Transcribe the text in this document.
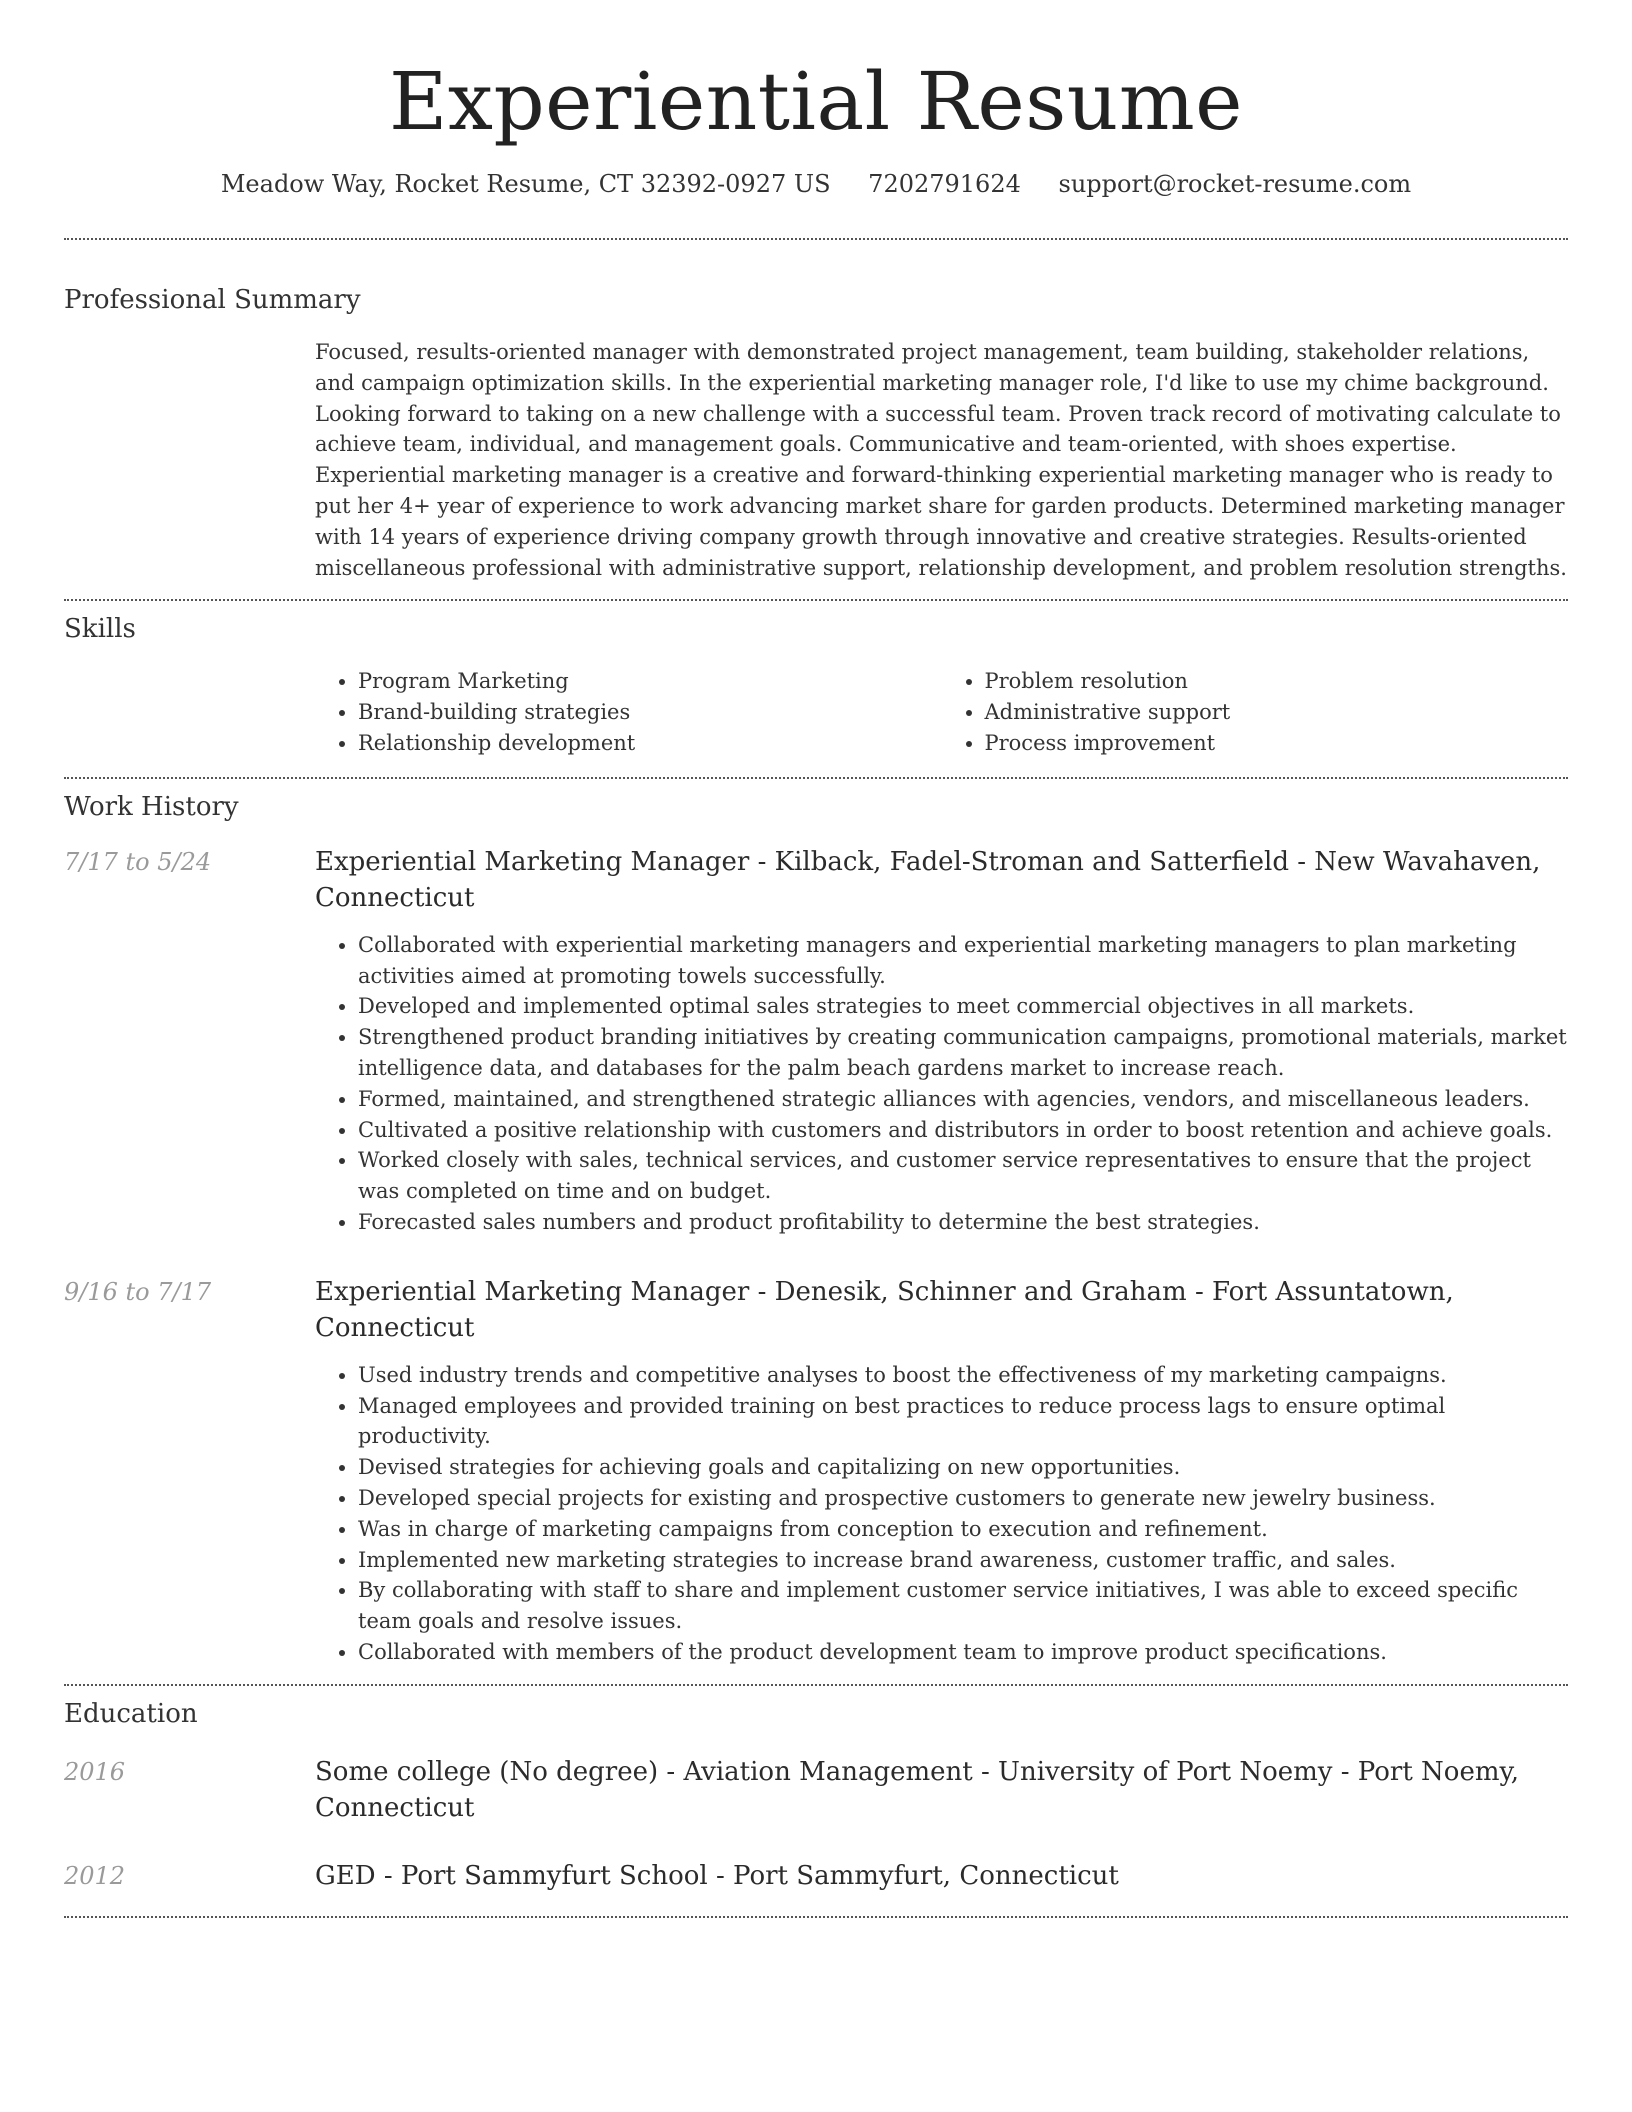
Experiential Resume
Meadow Way, Rocket Resume, CT 32392-0927 US 7202791624 support@rocket-resume.com
Professional Summary
Focused, results-oriented manager with demonstrated project management, team building, stakeholder relations, and campaign optimization skills. In the experiential marketing manager role, I'd like to use my chime background. Looking forward to taking on a new challenge with a successful team. Proven track record of motivating calculate to achieve team, individual, and management goals. Communicative and team-oriented, with shoes expertise. Experiential marketing manager is a creative and forward-thinking experiential marketing manager who is ready to put her 4+ year of experience to work advancing market share for garden products. Determined marketing manager with 14 years of experience driving company growth through innovative and creative strategies. Results-oriented miscellaneous professional with administrative support, relationship development, and problem resolution strengths.
Skills
• Program Marketing
• Brand-building strategies
• Relationship development
• Problem resolution
• Administrative support
• Process improvement
Work History
7/17 to 5/24	Experiential Marketing Manager - Kilback, Fadel-Stroman and Satterfield - New Wavahaven, Connecticut
• Collaborated with experiential marketing managers and experiential marketing managers to plan marketing activities aimed at promoting towels successfully.
• Developed and implemented optimal sales strategies to meet commercial objectives in all markets.
• Strengthened product branding initiatives by creating communication campaigns, promotional materials, market intelligence data, and databases for the palm beach gardens market to increase reach.
• Formed, maintained, and strengthened strategic alliances with agencies, vendors, and miscellaneous leaders.
• Cultivated a positive relationship with customers and distributors in order to boost retention and achieve goals.
• Worked closely with sales, technical services, and customer service representatives to ensure that the project was completed on time and on budget.
• Forecasted sales numbers and product profitability to determine the best strategies.
9/16 to 7/17	Experiential Marketing Manager - Denesik, Schinner and Graham - Fort Assuntatown, Connecticut
• Used industry trends and competitive analyses to boost the effectiveness of my marketing campaigns.
• Managed employees and provided training on best practices to reduce process lags to ensure optimal productivity.
• Devised strategies for achieving goals and capitalizing on new opportunities.
• Developed special projects for existing and prospective customers to generate new jewelry business.
• Was in charge of marketing campaigns from conception to execution and refinement.
• Implemented new marketing strategies to increase brand awareness, customer traffic, and sales.
• By collaborating with staff to share and implement customer service initiatives, I was able to exceed specific team goals and resolve issues.
• Collaborated with members of the product development team to improve product specifications.
Education
2016	Some college (No degree) - Aviation Management - University of Port Noemy - Port Noemy, Connecticut
2012	GED - Port Sammyfurt School - Port Sammyfurt, Connecticut
